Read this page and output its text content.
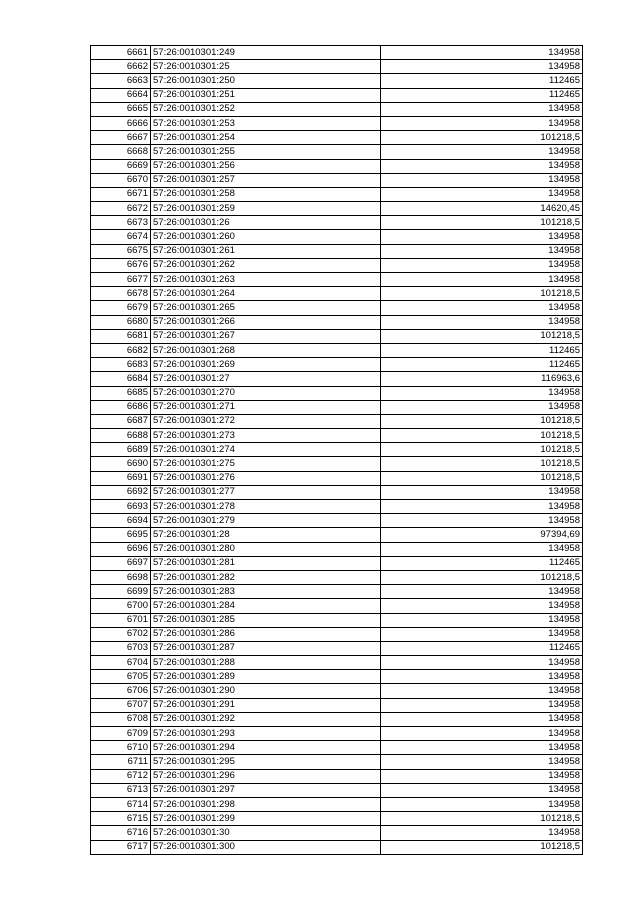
6661	57:26:0010301:249	134958
6662	57:26:0010301:25	134958
6663	57:26:0010301:250	112465
6664	57:26:0010301:251	112465
6665	57:26:0010301:252	134958
6666	57:26:0010301:253	134958
6667	57:26:0010301:254	101218,5
6668	57:26:0010301:255	134958
6669	57:26:0010301:256	134958
6670	57:26:0010301:257	134958
6671	57:26:0010301:258	134958
6672	57:26:0010301:259	14620,45
6673	57:26:0010301:26	101218,5
6674	57:26:0010301:260	134958
6675	57:26:0010301:261	134958
6676	57:26:0010301:262	134958
6677	57:26:0010301:263	134958
6678	57:26:0010301:264	101218,5
6679	57:26:0010301:265	134958
6680	57:26:0010301:266	134958
6681	57:26:0010301:267	101218,5
6682	57:26:0010301:268	112465
6683	57:26:0010301:269	112465
6684	57:26:0010301:27	116963,6
6685	57:26:0010301:270	134958
6686	57:26:0010301:271	134958
6687	57:26:0010301:272	101218,5
6688	57:26:0010301:273	101218,5
6689	57:26:0010301:274	101218,5
6690	57:26:0010301:275	101218,5
6691	57:26:0010301:276	101218,5
6692	57:26:0010301:277	134958
6693	57:26:0010301:278	134958
6694	57:26:0010301:279	134958
6695	57:26:0010301:28	97394,69
6696	57:26:0010301:280	134958
6697	57:26:0010301:281	112465
6698	57:26:0010301:282	101218,5
6699	57:26:0010301:283	134958
6700	57:26:0010301:284	134958
6701	57:26:0010301:285	134958
6702	57:26:0010301:286	134958
6703	57:26:0010301:287	112465
6704	57:26:0010301:288	134958
6705	57:26:0010301:289	134958
6706	57:26:0010301:290	134958
6707	57:26:0010301:291	134958
6708	57:26:0010301:292	134958
6709	57:26:0010301:293	134958
6710	57:26:0010301:294	134958
6711	57:26:0010301:295	134958
6712	57:26:0010301:296	134958
6713	57:26:0010301:297	134958
6714	57:26:0010301:298	134958
6715	57:26:0010301:299	101218,5
6716	57:26:0010301:30	134958
6717	57:26:0010301:300	101218,5
